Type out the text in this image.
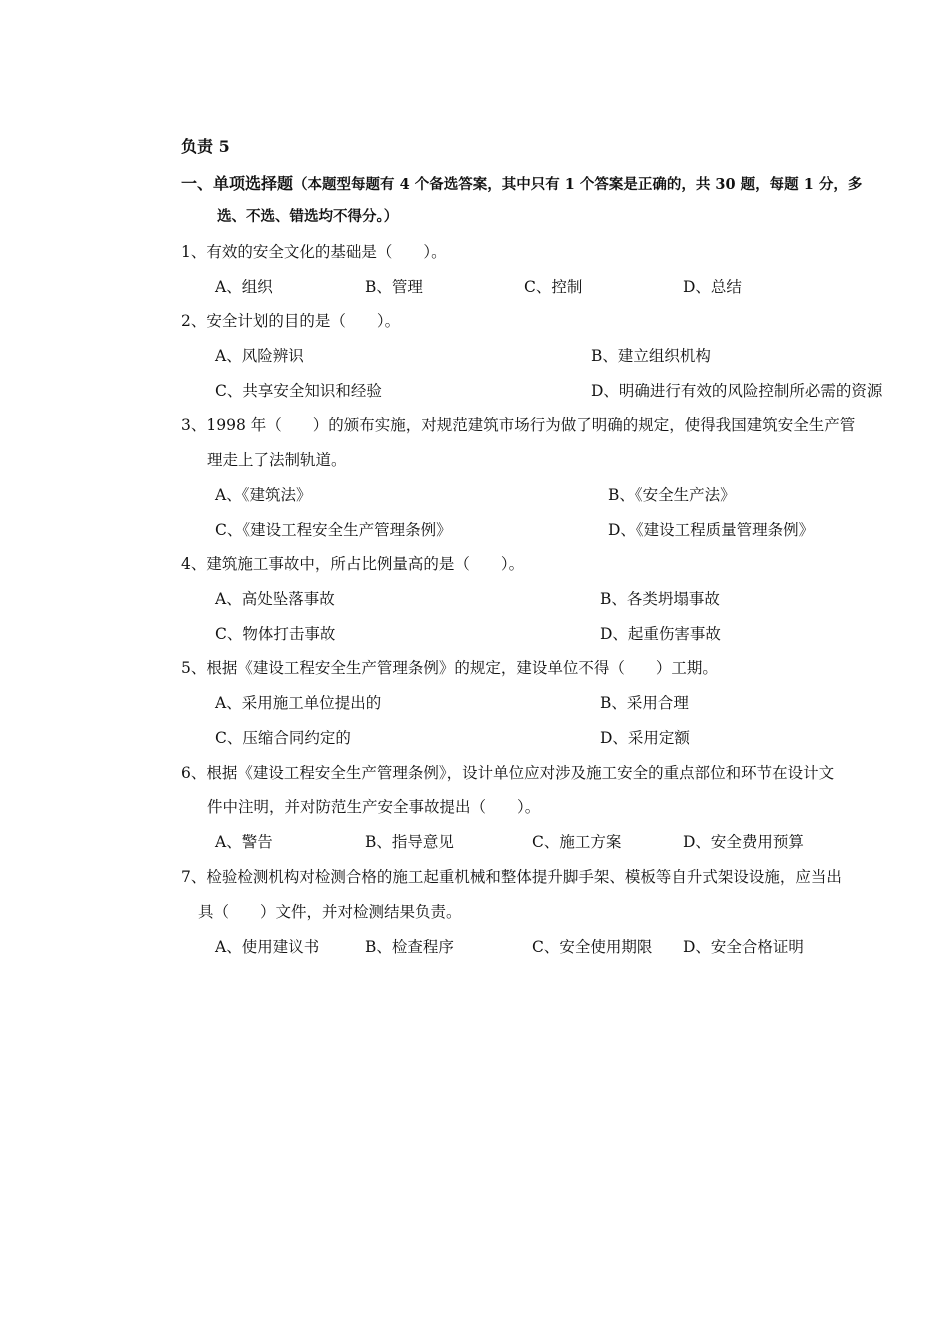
负责 5
一、单项选择题（本题型每题有 4 个备选答案，其中只有 1 个答案是正确的，共 30 题，每题 1 分，多
选、不选、错选均不得分。）
1、有效的安全文化的基础是（　　）。
A、组织	B、管理	C、控制	D、总结
2、安全计划的目的是（　　）。
A、风险辨识	B、建立组织机构
C、共享安全知识和经验	D、明确进行有效的风险控制所必需的资源
3、1998 年（　　）的颁布实施，对规范建筑市场行为做了明确的规定，使得我国建筑安全生产管
理走上了法制轨道。
A、《建筑法》	B、《安全生产法》
C、《建设工程安全生产管理条例》	D、《建设工程质量管理条例》
4、建筑施工事故中，所占比例量高的是（　　）。
A、高处坠落事故	B、各类坍塌事故
C、物体打击事故	D、起重伤害事故
5、根据《建设工程安全生产管理条例》的规定，建设单位不得（　　）工期。
A、采用施工单位提出的	B、采用合理
C、压缩合同约定的	D、采用定额
6、根据《建设工程安全生产管理条例》，设计单位应对涉及施工安全的重点部位和环节在设计文
件中注明，并对防范生产安全事故提出（　　）。
A、警告	B、指导意见	C、施工方案	D、安全费用预算
7、检验检测机构对检测合格的施工起重机械和整体提升脚手架、模板等自升式架设设施，应当出
具（　　）文件，并对检测结果负责。
A、使用建议书	B、检查程序	C、安全使用期限 D、安全合格证明
